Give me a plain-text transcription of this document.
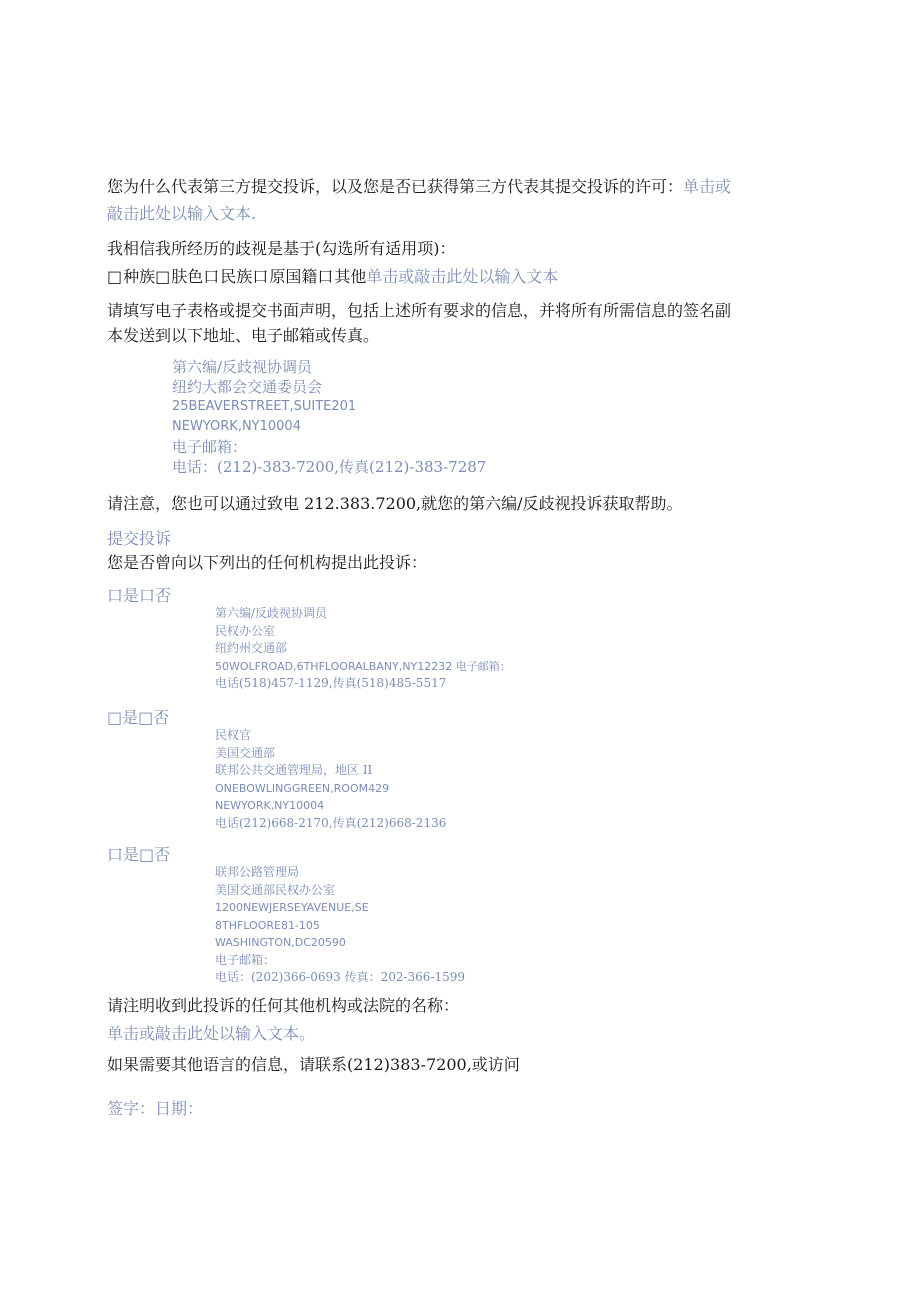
您为什么代表第三方提交投诉，以及您是否已获得第三方代表其提交投诉的许可：单击或
敲击此处以输入文本.
我相信我所经历的歧视是基于(勾选所有适用项)：
□种族□肤色口民族口原国籍口其他单击或敲击此处以输入文本
请填写电子表格或提交书面声明，包括上述所有要求的信息，并将所有所需信息的签名副
本发送到以下地址、电子邮箱或传真。
第六编/反歧视协调员
纽约大都会交通委员会
25BEAVERSTREET,SUITE201
NEWYORK,NY10004
电子邮箱：
电话：(212)-383-7200,传真(212)-383-7287
请注意，您也可以通过致电 212.383.7200,就您的第六编/反歧视投诉获取帮助。
提交投诉
您是否曾向以下列出的任何机构提出此投诉：
口是口否
第六编/反歧视协调员
民权办公室
纽约州交通部
50WOLFROAD,6THFLOORALBANY,NY12232 电子邮箱：
电话(518)457-1129,传真(518)485-5517
□是□否
民权官
美国交通部
联邦公共交通管理局，地区 II
ONEBOWLINGGREEN,ROOM429
NEWYORK,NY10004
电话(212)668-2170,传真(212)668-2136
口是□否
联邦公路管理局
美国交通部民权办公室
1200NEWJERSEYAVENUE,SE
8THFLOORE81-105
WASHINGTON,DC20590
电子邮箱：
电话：(202)366-0693 传真：202-366-1599
请注明收到此投诉的任何其他机构或法院的名称：
单击或敲击此处以输入文本。
如果需要其他语言的信息，请联系(212)383-7200,或访问
签字：日期：
